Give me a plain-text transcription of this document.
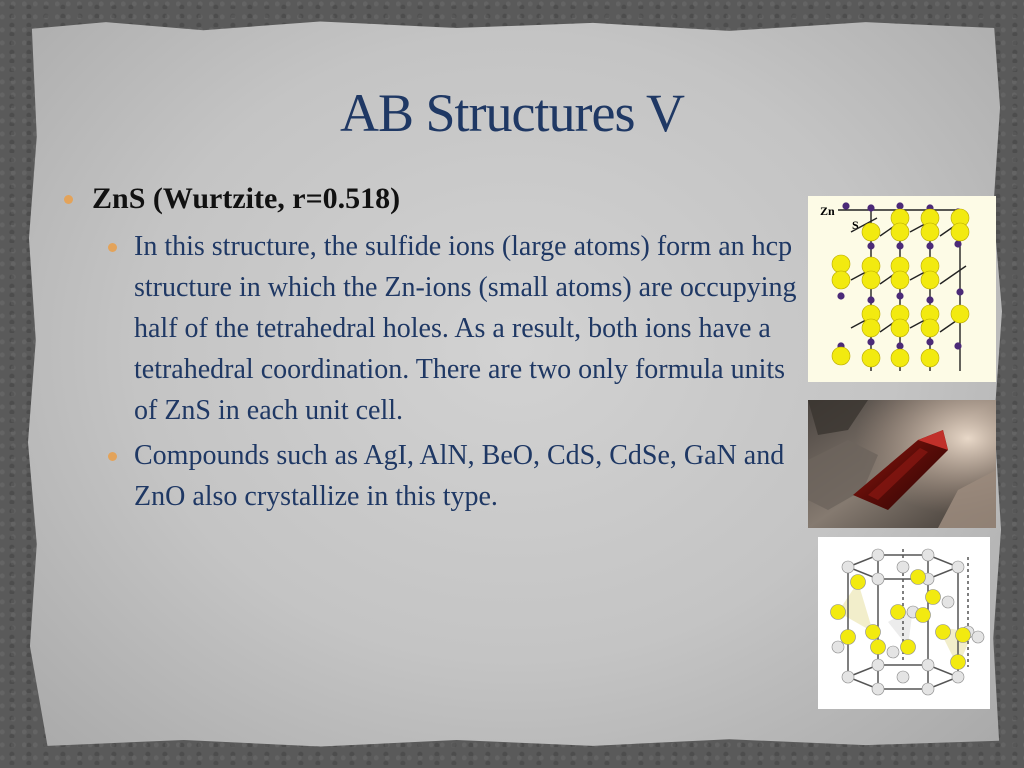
AB Structures V
ZnS (Wurtzite, r=0.518)
In this structure, the sulfide ions (large atoms) form an hcp structure in which the Zn-ions (small atoms) are occupying half of the tetrahedral holes. As a result, both ions have a tetrahedral coordination. There are two only formula units of ZnS in each unit cell.
Compounds such as AgI, AlN, BeO, CdS, CdSe, GaN and ZnO also crystallize in this type.
Zn
S
